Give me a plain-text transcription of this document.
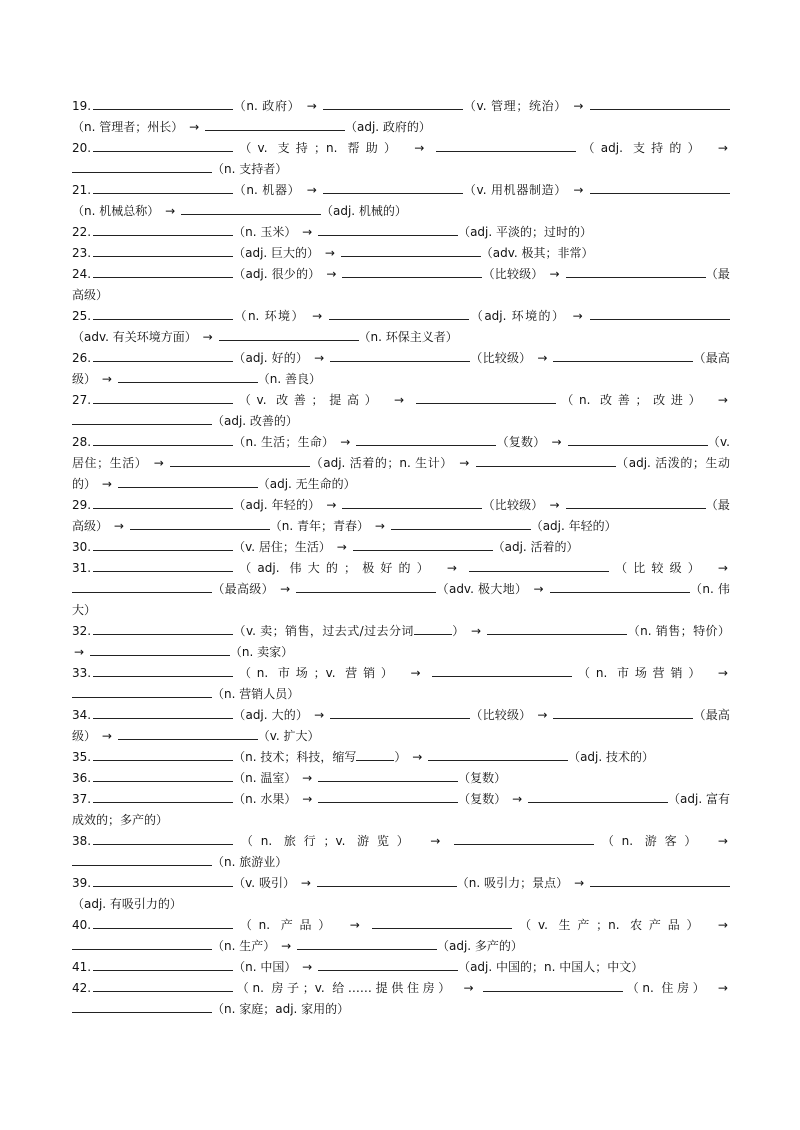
19.	（n. 政府） →	（v. 管理；统治） → （n. 管理者；州长） →	（adj. 政府的）
20.	（v. 支持；n. 帮助） →	（adj. 支持的） → （n. 支持者）
21.	（n. 机器） →	（v. 用机器制造） → （n. 机械总称） →	（adj. 机械的）
22.	（n. 玉米） →	（adj. 平淡的；过时的）
23.	（adj. 巨大的） →	（adv. 极其；非常）
24.	（adj. 很少的） →	（比较级） →	（最高级）
25.	（n. 环境） →	（adj. 环境的） → （adv. 有关环境方面） →	（n. 环保主义者）
26.	（adj. 好的） →	（比较级） →	（最高级） →	（n. 善良）
27.	（v. 改善；提高） →	（n. 改善；改进） → （adj. 改善的）
28.	（n. 生活；生命） →	（复数） →	（v. 居住；生活） →	（adj. 活着的；n. 生计） →	（adj. 活泼的；生动的） →	（adj. 无生命的）
29.	（adj. 年轻的） →	（比较级） →	（最高级） →	（n. 青年；青春） →	（adj. 年轻的）
30.	（v. 居住；生活） →	（adj. 活着的）
31.	（adj. 伟大的；极好的） →	（比较级） → （最高级） →	（adv. 极大地） →	（n. 伟大）
32.	（v. 卖；销售，过去式/过去分词	） →	（n. 销售；特价） →	（n. 卖家）
33.	（n. 市场；v. 营销） →	（n. 市场营销） → （n. 营销人员）
34.	（adj. 大的） →	（比较级） →	（最高级） →	（v. 扩大）
35.	（n. 技术；科技，缩写	） →	（adj. 技术的）
36.	（n. 温室） →	（复数）
37.	（n. 水果） →	（复数） →	（adj. 富有成效的；多产的）
38.	（n. 旅行；v. 游览） →	（n. 游客） → （n. 旅游业）
39.	（v. 吸引） →	（n. 吸引力；景点） → （adj. 有吸引力的）
40.	（n. 产品） →	（v. 生产；n. 农产品） → （n. 生产） →	（adj. 多产的）
41.	（n. 中国） →	（adj. 中国的；n. 中国人；中文）
42.	（n. 房子；v. 给……提供住房） →	（n. 住房） → （n. 家庭；adj. 家用的）
